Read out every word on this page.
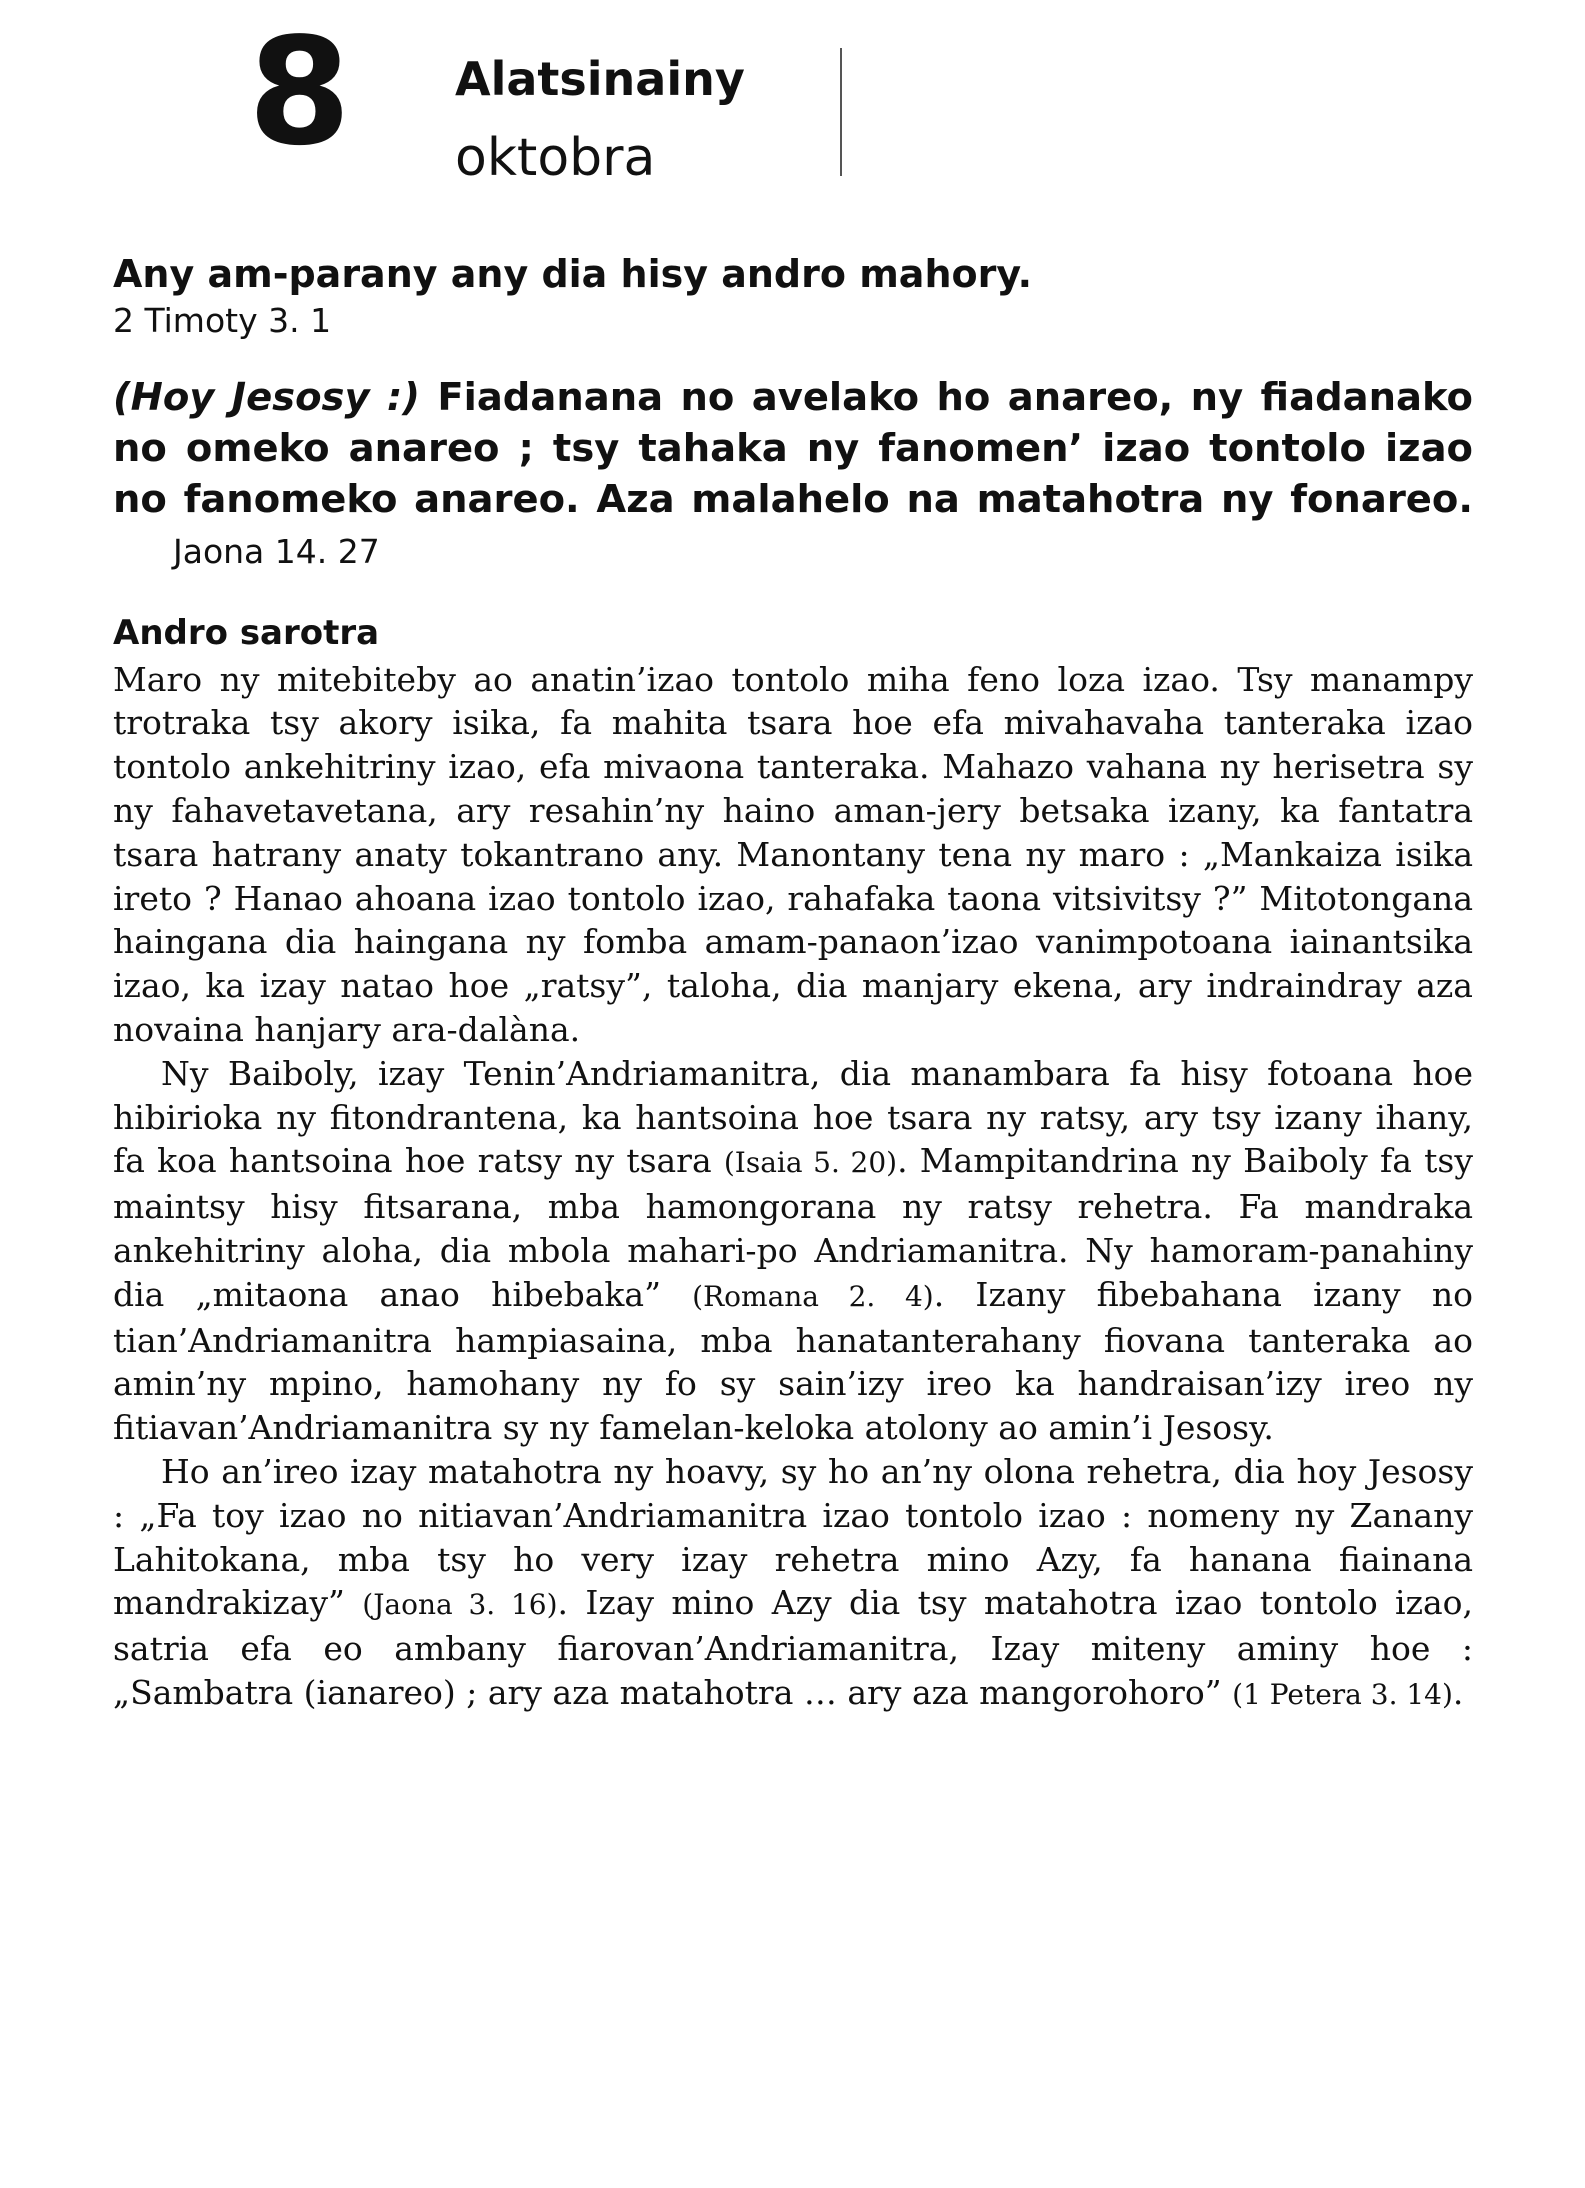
8 Alatsinainy
oktobra
Any am-parany any dia hisy andro mahory.
2 Timoty 3. 1
(Hoy Jesosy :) Fiadanana no avelako ho anareo, ny fiadanako no omeko anareo ; tsy tahaka ny fanomen’ izao tontolo izao no fanomeko anareo. Aza malahelo na matahotra ny fonareo. Jaona 14. 27
Andro sarotra

Maro ny mitebiteby ao anatin’izao tontolo miha feno loza izao. Tsy manampy trotraka tsy akory isika, fa mahita tsara hoe efa mivahavaha tanteraka izao tontolo ankehitriny izao, efa mivaona tanteraka. Mahazo vahana ny herisetra sy ny fahavetavetana, ary resahin’ny haino aman-jery betsaka izany, ka fantatra tsara hatrany anaty tokantrano any. Manontany tena ny maro : „Mankaiza isika ireto ? Hanao ahoana izao tontolo izao, rahafaka taona vitsivitsy ?” Mitotongana haingana dia haingana ny fomba amam-panaon’izao vanimpotoana iainantsika izao, ka izay natao hoe „ratsy”, taloha, dia manjary ekena, ary indraindray aza novaina hanjary ara-dalàna.

Ny Baiboly, izay Tenin’Andriamanitra, dia manambara fa hisy fotoana hoe hibirioka ny fitondrantena, ka hantsoina hoe tsara ny ratsy, ary tsy izany ihany, fa koa hantsoina hoe ratsy ny tsara (Isaia 5. 20). Mampitandrina ny Baiboly fa tsy maintsy hisy fitsarana, mba hamongorana ny ratsy rehetra. Fa mandraka ankehitriny aloha, dia mbola mahari-po Andriamanitra. Ny hamoram-panahiny dia „mitaona anao hibebaka” (Romana 2. 4). Izany fibebahana izany no tian’Andriamanitra hampiasaina, mba hanatanterahany fiovana tanteraka ao amin’ny mpino, hamohany ny fo sy sain’izy ireo ka handraisan’izy ireo ny fitiavan’Andriamanitra sy ny famelan-keloka atolony ao amin’i Jesosy.

Ho an’ireo izay matahotra ny hoavy, sy ho an’ny olona rehetra, dia hoy Jesosy : „Fa toy izao no nitiavan’Andriamanitra izao tontolo izao : nomeny ny Zanany Lahitokana, mba tsy ho very izay rehetra mino Azy, fa hanana fiainana mandrakizay” (Jaona 3. 16). Izay mino Azy dia tsy matahotra izao tontolo izao, satria efa eo ambany fiarovan’Andriamanitra, Izay miteny aminy hoe : „Sambatra (ianareo) ; ary aza matahotra … ary aza mangorohoro” (1 Petera 3. 14).
